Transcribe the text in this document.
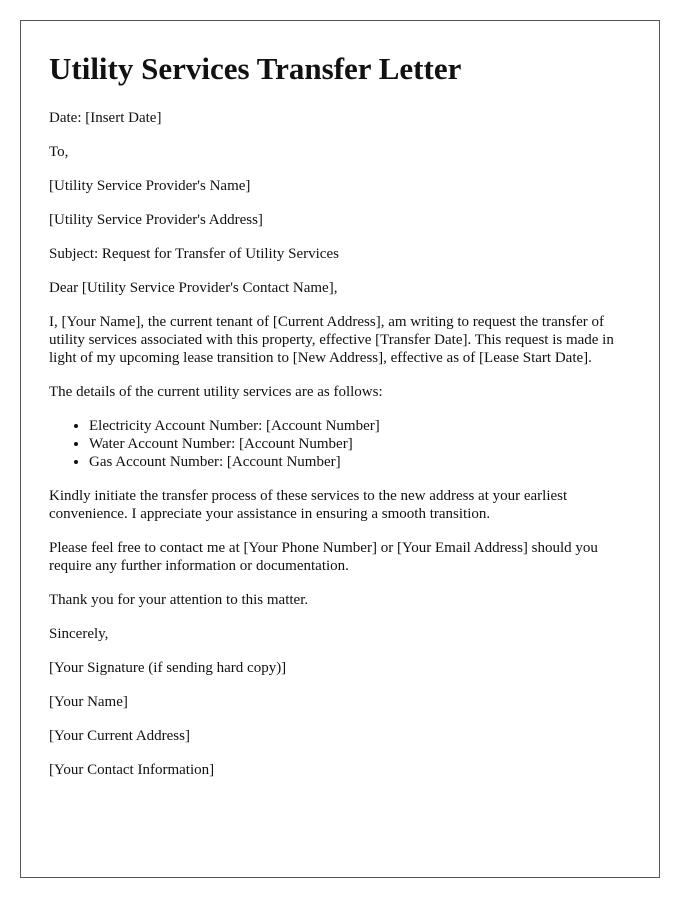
Utility Services Transfer Letter

Date: [Insert Date]

To,

[Utility Service Provider's Name]

[Utility Service Provider's Address]

Subject: Request for Transfer of Utility Services

Dear [Utility Service Provider's Contact Name],

I, [Your Name], the current tenant of [Current Address], am writing to request the transfer of utility services associated with this property, effective [Transfer Date]. This request is made in light of my upcoming lease transition to [New Address], effective as of [Lease Start Date].

The details of the current utility services are as follows:

• Electricity Account Number: [Account Number]
• Water Account Number: [Account Number]
• Gas Account Number: [Account Number]

Kindly initiate the transfer process of these services to the new address at your earliest convenience. I appreciate your assistance in ensuring a smooth transition.

Please feel free to contact me at [Your Phone Number] or [Your Email Address] should you require any further information or documentation.

Thank you for your attention to this matter.

Sincerely,

[Your Signature (if sending hard copy)]

[Your Name]

[Your Current Address]

[Your Contact Information]
